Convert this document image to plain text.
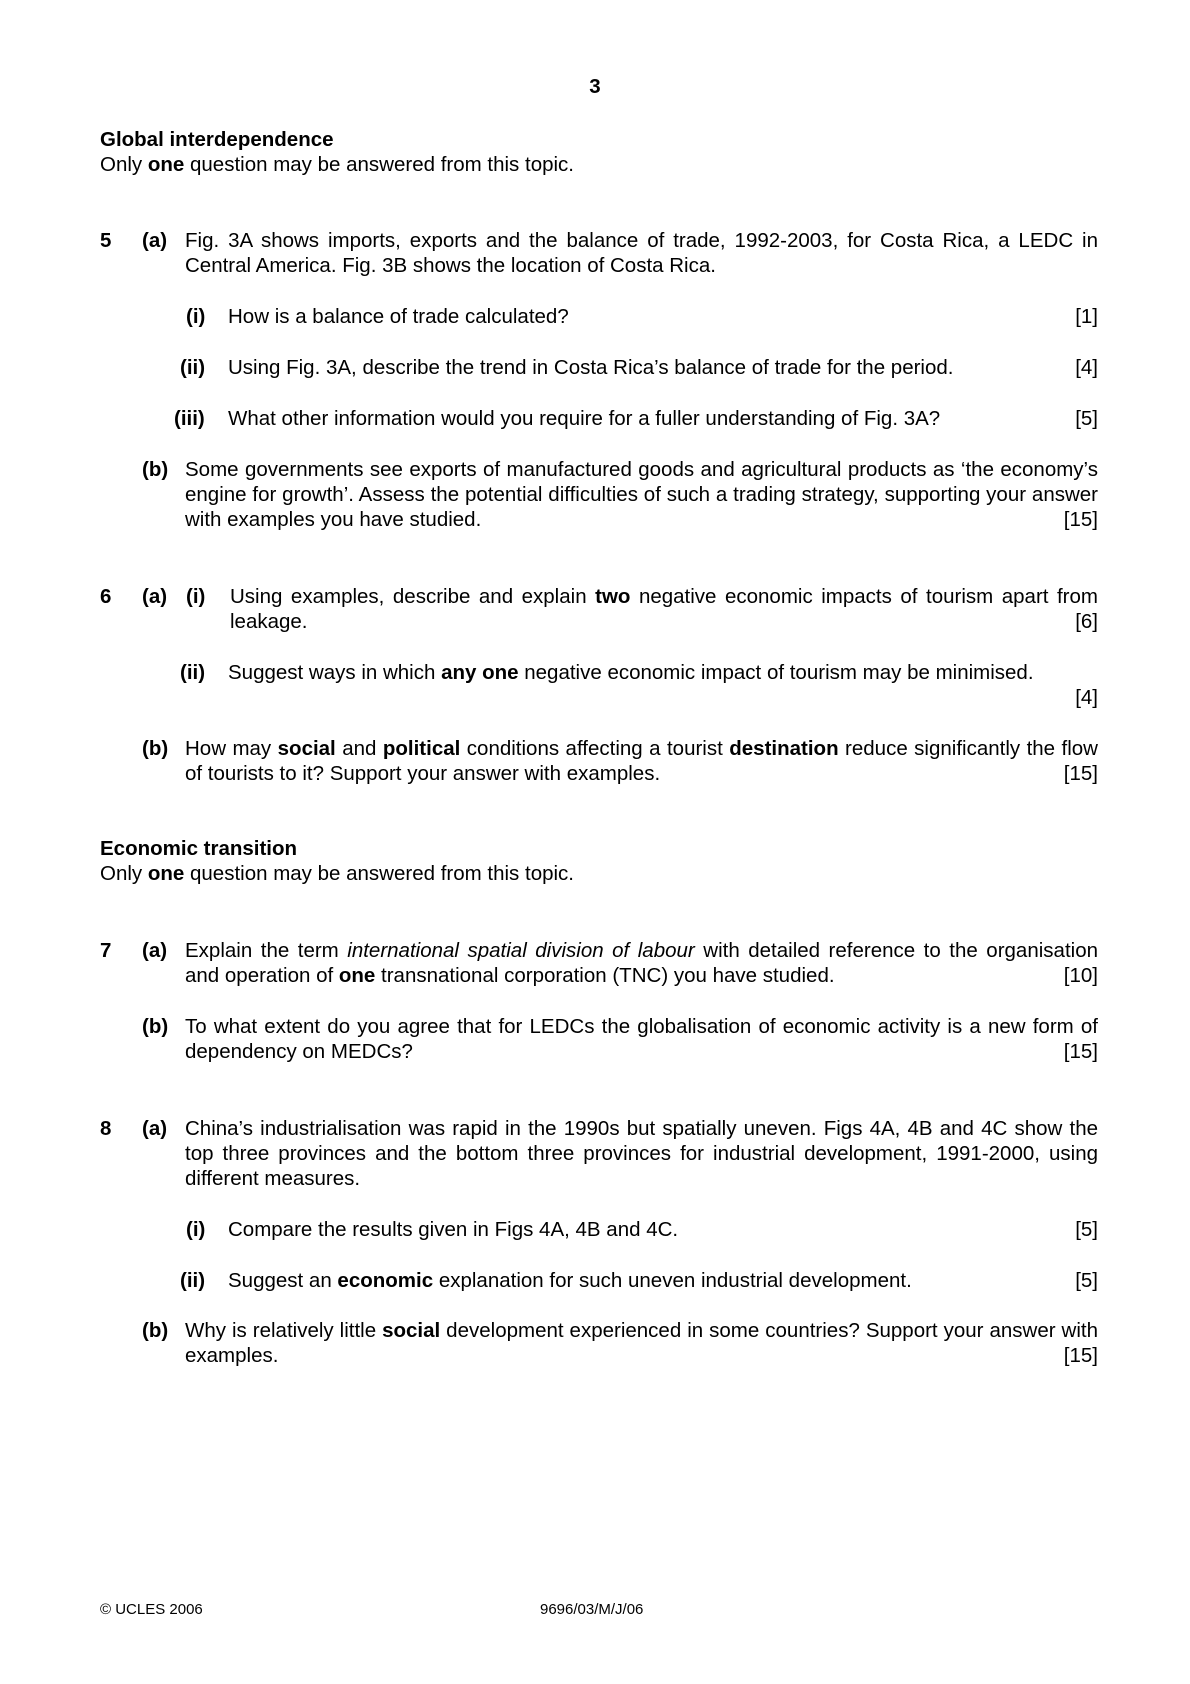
3
Global interdependence
Only one question may be answered from this topic.
5 (a) Fig. 3A shows imports, exports and the balance of trade, 1992-2003, for Costa Rica, a LEDC in Central America. Fig. 3B shows the location of Costa Rica.
(i) How is a balance of trade calculated?	[1]
(ii) Using Fig. 3A, describe the trend in Costa Rica’s balance of trade for the period.	[4]
(iii) What other information would you require for a fuller understanding of Fig. 3A?	[5]
(b) Some governments see exports of manufactured goods and agricultural products as ‘the economy’s engine for growth’. Assess the potential difficulties of such a trading strategy, supporting your answer with examples you have studied.	[15]
6 (a) (i) Using examples, describe and explain two negative economic impacts of tourism apart from leakage.	[6]
(ii) Suggest ways in which any one negative economic impact of tourism may be minimised.
[4]
(b) How may social and political conditions affecting a tourist destination reduce significantly the flow of tourists to it? Support your answer with examples.	[15]
Economic transition
Only one question may be answered from this topic.
7 (a) Explain the term international spatial division of labour with detailed reference to the organisation and operation of one transnational corporation (TNC) you have studied.	[10]
(b) To what extent do you agree that for LEDCs the globalisation of economic activity is a new form of dependency on MEDCs?	[15]
8 (a) China’s industrialisation was rapid in the 1990s but spatially uneven. Figs 4A, 4B and 4C show the top three provinces and the bottom three provinces for industrial development, 1991-2000, using different measures.
(i) Compare the results given in Figs 4A, 4B and 4C.	[5]
(ii) Suggest an economic explanation for such uneven industrial development.	[5]
(b) Why is relatively little social development experienced in some countries? Support your answer with examples.	[15]
© UCLES 2006	9696/03/M/J/06
